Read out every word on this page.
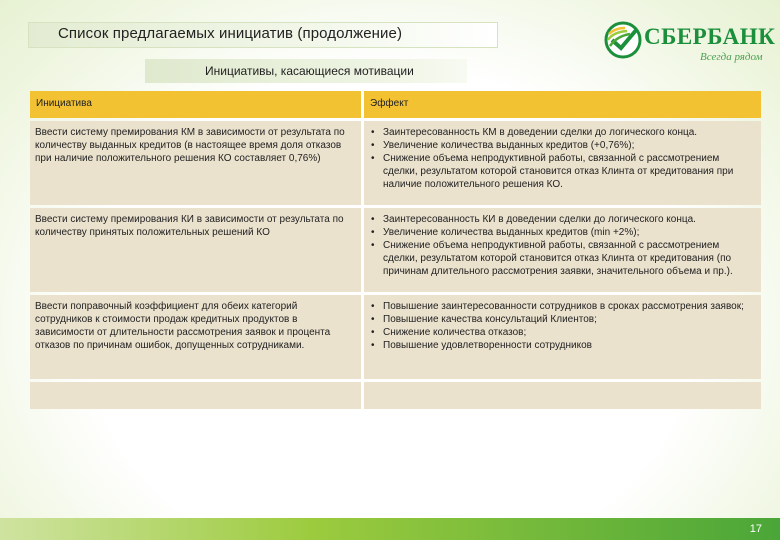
Список предлагаемых инициатив (продолжение)	СБЕРБАНК
Всегда рядом
Инициативы, касающиеся мотивации
Инициатива	Эффект
Ввести систему премирования КМ в зависимости от результата по количеству выданных кредитов (в настоящее время доля отказов при наличие положительного решения КО составляет 0,76%)
• Заинтересованность КМ в доведении сделки до логического конца.
• Увеличение количества выданных кредитов (+0,76%);
• Снижение объема непродуктивной работы, связанной с рассмотрением сделки, результатом которой становится отказ Клинта от кредитования при наличие положительного решения КО.
Ввести систему премирования КИ в зависимости от результата по количеству принятых положительных решений КО
• Заинтересованность КИ в доведении сделки до логического конца.
• Увеличение количества выданных кредитов (min +2%);
• Снижение объема непродуктивной работы, связанной с рассмотрением сделки, результатом которой становится отказ Клинта от кредитования (по причинам длительного рассмотрения заявки, значительного объема и пр.).
Ввести поправочный коэффициент для обеих категорий сотрудников к стоимости продаж кредитных продуктов в зависимости от длительности рассмотрения заявок и процента отказов по причинам ошибок, допущенных сотрудниками.
• Повышение заинтересованности сотрудников в сроках рассмотрения заявок;
• Повышение качества консультаций Клиентов;
• Снижение количества отказов;
• Повышение удовлетворенности сотрудников
17
